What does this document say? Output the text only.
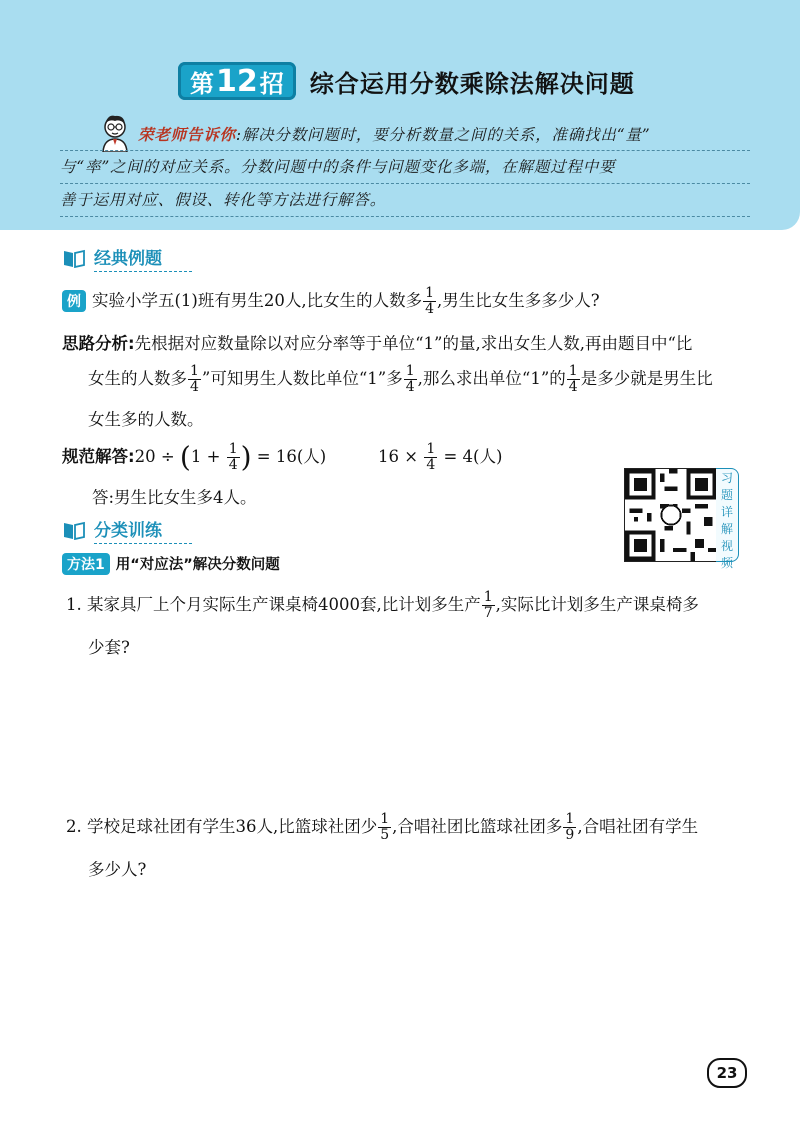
第 12 招 综合运用分数乘除法解决问题
荣老师告诉你:解决分数问题时，要分析数量之间的关系，准确找出“量”
与“率”之间的对应关系。分数问题中的条件与问题变化多端，在解题过程中要
善于运用对应、假设、转化等方法进行解答。
经典例题
例 实验小学五(1)班有男生20人,比女生的人数多 $\frac{1}{4}$ ,男生比女生多多少人?
思路分析:先根据对应数量除以对应分率等于单位“1”的量,求出女生人数,再由题目中“比
女生的人数多 $\frac{1}{4}$ ”可知男生人数比单位“1”多 $\frac{1}{4}$ ,那么求出单位“1”的 $\frac{1}{4}$ 是多少就是男生比
女生多的人数。
规范解答:20 ÷ ($1 + \frac{1}{4}$ ) = 16(人)	$16 \times \frac{1}{4} = 4$(人)
答:男生比女生多4人。
习
题
详
解
视
频
分类训练
方法1 用“对应法”解决分数问题
1. 某家具厂上个月实际生产课桌椅4000套,比计划多生产 $\frac{1}{7}$ ,实际比计划多生产课桌椅多
少套?
2. 学校足球社团有学生36人,比篮球社团少 $\frac{1}{5}$ ,合唱社团比篮球社团多 $\frac{1}{9}$ ,合唱社团有学生
多少人?
23
